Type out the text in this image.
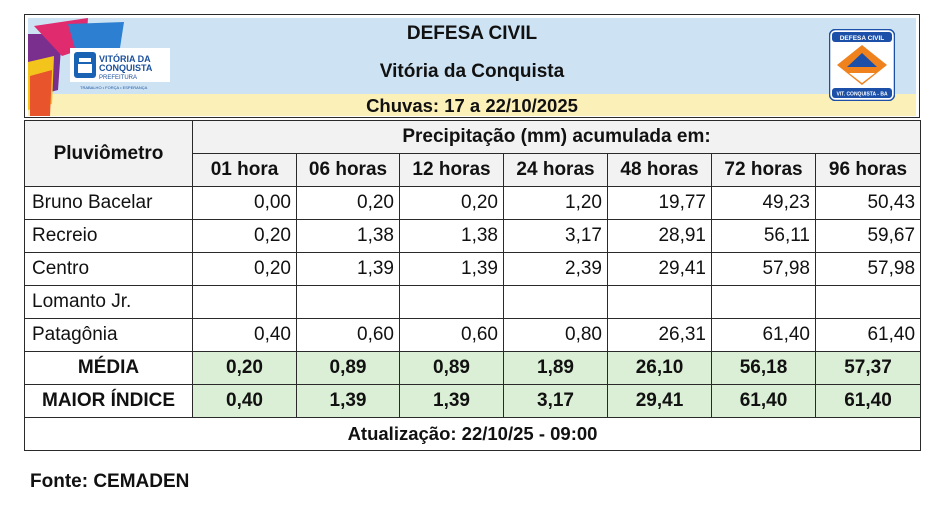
VITÓRIA DA
CONQUISTA
PREFEITURA
TRABALHO • FORÇA • ESPERANÇA
DEFESA CIVIL
Vitória da Conquista
Chuvas: 17 a 22/10/2025
DEFESA CIVIL
VIT. CONQUISTA - BA
Pluviômetro	Precipitação (mm) acumulada em:						
	01 hora	06 horas	12 horas	24 horas	48 horas	72 horas	96 horas
Bruno Bacelar	0,00	0,20	0,20	1,20	19,77	49,23	50,43
Recreio	0,20	1,38	1,38	3,17	28,91	56,11	59,67
Centro	0,20	1,39	1,39	2,39	29,41	57,98	57,98
Lomanto Jr.							
Patagônia	0,40	0,60	0,60	0,80	26,31	61,40	61,40
MÉDIA	0,20	0,89	0,89	1,89	26,10	56,18	57,37
MAIOR ÍNDICE	0,40	1,39	1,39	3,17	29,41	61,40	61,40
Atualização: 22/10/25 - 09:00							
Fonte: CEMADEN
